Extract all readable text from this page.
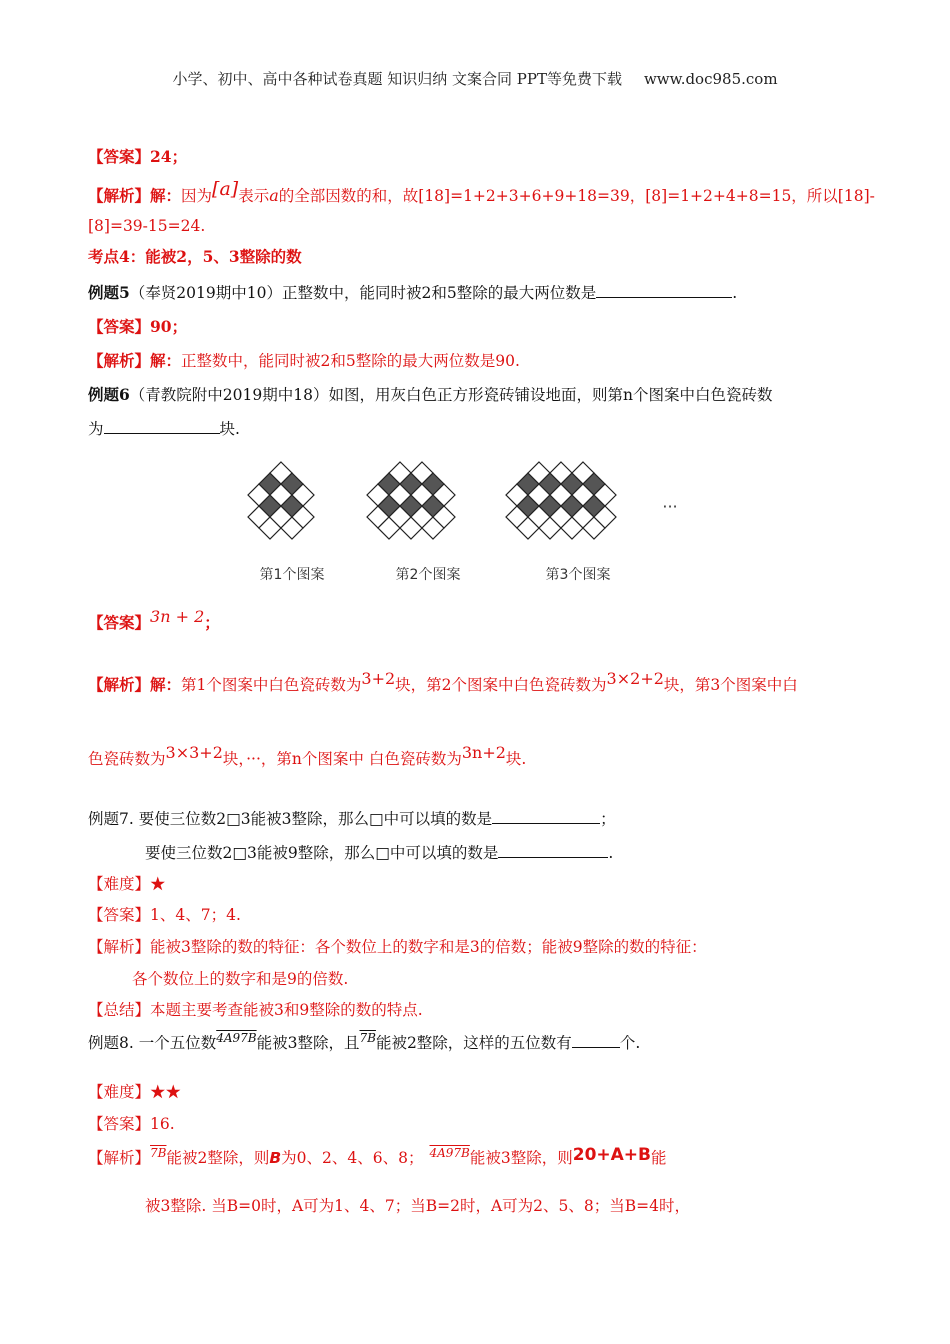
小学、初中、高中各种试卷真题 知识归纳 文案合同 PPT等免费下载 www.doc985.com
【答案】24；
【解析】解：因为[a]表示a的全部因数的和，故[18]=1+2+3+6+9+18=39，[8]=1+2+4+8=15，所以[18]-
[8]=39-15=24.
考点4：能被2，5、3整除的数
例题5（奉贤2019期中10）正整数中，能同时被2和5整除的最大两位数是	.
【答案】90；
【解析】解：正整数中，能同时被2和5整除的最大两位数是90.
例题6（青教院附中2019期中18）如图，用灰白色正方形瓷砖铺设地面，则第n个图案中白色瓷砖数
为	块.
第1个图案	第2个图案	第3个图案
···
【答案】3n + 2；
【解析】解：第1个图案中白色瓷砖数为3+2块，第2个图案中白色瓷砖数为3×2+2块，第3个图案中白
色瓷砖数为3×3+2块，···，第n个图案中 白色瓷砖数为3n+2块.
例题7. 要使三位数2□3能被3整除，那么□中可以填的数是	；
要使三位数2□3能被9整除，那么□中可以填的数是	.
【难度】★
【答案】1、4、7；4.
【解析】能被3整除的数的特征：各个数位上的数字和是3的倍数；能被9整除的数的特征：
各个数位上的数字和是9的倍数.
【总结】本题主要考查能被3和9整除的数的特点.
例题8. 一个五位数$^{4A97B}$能被3整除，且$^{7B}$能被2整除，这样的五位数有	个.
【难度】★★
【答案】16.
【解析】$^{7B}$能被2整除，则B为0、2、4、6、8； $^{4A97B}$能被3整除，则20+A+B能
被3整除. 当B=0时，A可为1、4、7；当B=2时，A可为2、5、8；当B=4时，
